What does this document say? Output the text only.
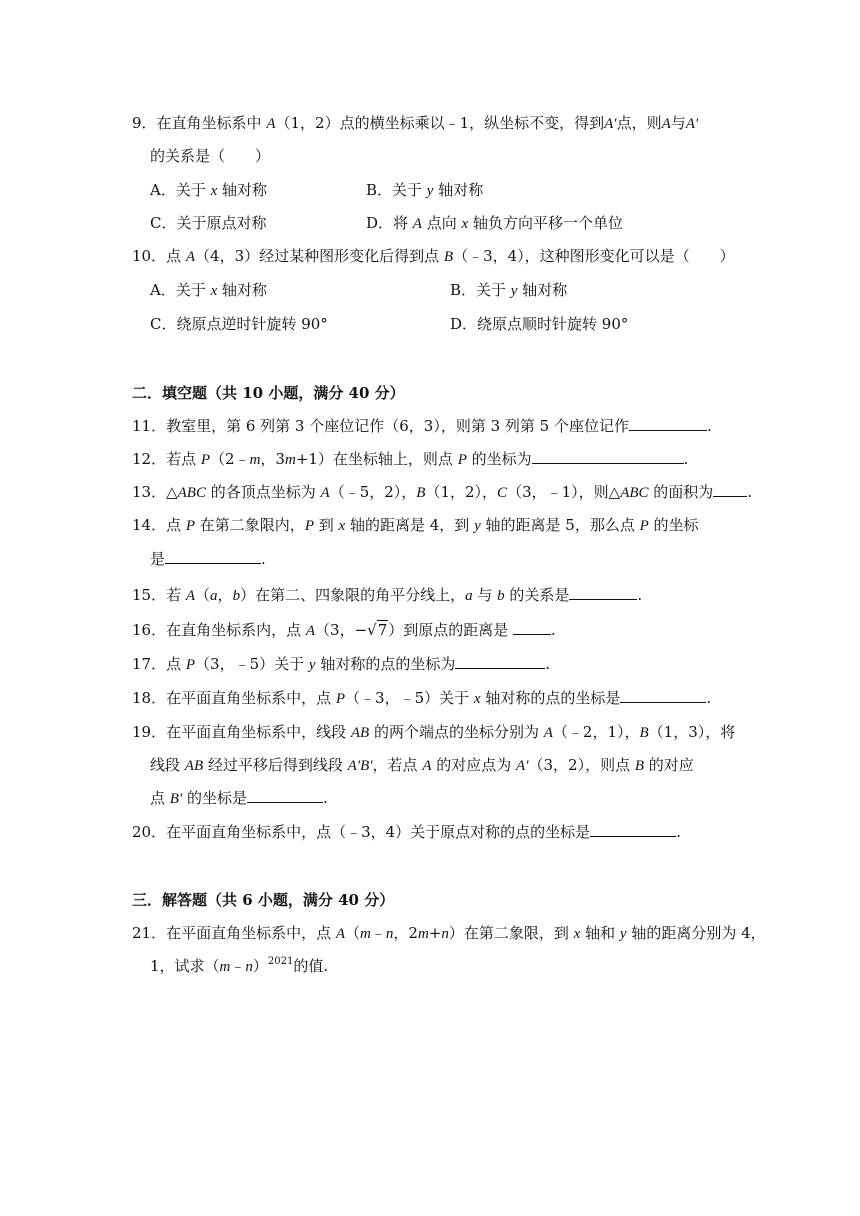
9．在直角坐标系中 A（1，2）点的横坐标乘以﹣1，纵坐标不变，得到A′点，则A与A′
的关系是（　　）
A．关于 x 轴对称	B．关于 y 轴对称
C．关于原点对称	D．将 A 点向 x 轴负方向平移一个单位
10．点 A（4，3）经过某种图形变化后得到点 B（﹣3，4），这种图形变化可以是（　　）
A．关于 x 轴对称	B．关于 y 轴对称
C．绕原点逆时针旋转 90°	D．绕原点顺时针旋转 90°
二．填空题（共 10 小题，满分 40 分）
11．教室里，第 6 列第 3 个座位记作（6，3），则第 3 列第 5 个座位记作	.
12．若点 P（2﹣m，3m+1）在坐标轴上，则点 P 的坐标为	.
13．△ABC 的各顶点坐标为 A（﹣5，2），B（1，2），C（3，﹣1），则△ABC 的面积为 .
14．点 P 在第二象限内，P 到 x 轴的距离是 4，到 y 轴的距离是 5，那么点 P 的坐标
是	.
15．若 A（a，b）在第二、四象限的角平分线上，a 与 b 的关系是	.
16．在直角坐标系内，点 A（3，−√7）到原点的距离是	.
17．点 P（3，﹣5）关于 y 轴对称的点的坐标为	.
18．在平面直角坐标系中，点 P（﹣3，﹣5）关于 x 轴对称的点的坐标是	.
19．在平面直角坐标系中，线段 AB 的两个端点的坐标分别为 A（﹣2，1），B（1，3），将
线段 AB 经过平移后得到线段 A′B′，若点 A 的对应点为 A′（3，2），则点 B 的对应
点 B′ 的坐标是	.
20．在平面直角坐标系中，点（﹣3，4）关于原点对称的点的坐标是	.
三．解答题（共 6 小题，满分 40 分）
21．在平面直角坐标系中，点 A（m﹣n，2m+n）在第二象限，到 x 轴和 y 轴的距离分别为 4，
1，试求（m﹣n）$^{2021}$的值.
